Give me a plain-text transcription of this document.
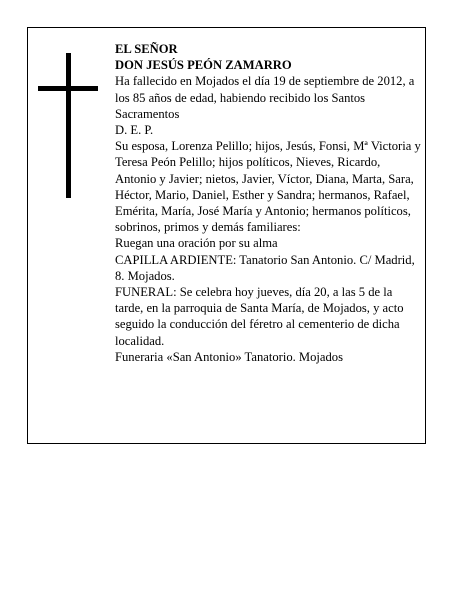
EL SEÑOR

DON JESÚS PEÓN ZAMARRO

Ha fallecido en Mojados el día 19 de septiembre de 2012, a los 85 años de edad, habiendo recibido los Santos Sacramentos

D. E. P.

Su esposa, Lorenza Pelillo; hijos, Jesús, Fonsi, Mª Victoria y Teresa Peón Pelillo; hijos políticos, Nieves, Ricardo, Antonio y Javier; nietos, Javier, Víctor, Diana, Marta, Sara, Héctor, Mario, Daniel, Esther y Sandra; hermanos, Rafael, Emérita, María, José María y Antonio; hermanos políticos, sobrinos, primos y demás familiares:

Ruegan una oración por su alma

CAPILLA ARDIENTE: Tanatorio San Antonio. C/ Madrid, 8. Mojados.

FUNERAL: Se celebra hoy jueves, día 20, a las 5 de la tarde, en la parroquia de Santa María, de Mojados, y acto seguido la conducción del féretro al cementerio de dicha localidad.

Funeraria «San Antonio» Tanatorio. Mojados
